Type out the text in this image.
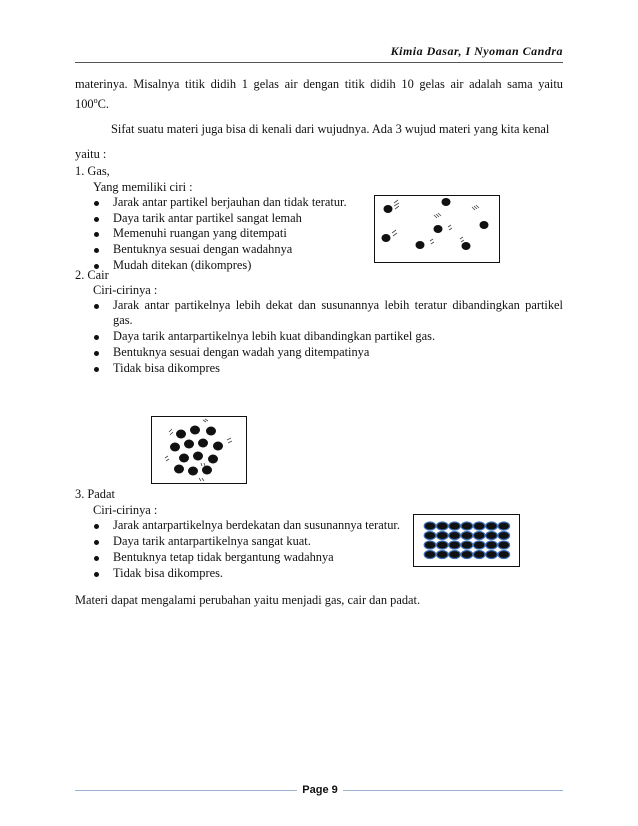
Kimia Dasar, I Nyoman Candra
materinya. Misalnya titik didih 1 gelas air dengan titik didih 10 gelas air adalah sama yaitu
100$^o$C.
Sifat suatu materi juga bisa di kenali dari wujudnya. Ada 3 wujud materi yang kita kenal
yaitu :
1. Gas,
Yang memiliki ciri :
Jarak antar partikel berjauhan dan tidak teratur.
Daya tarik antar partikel sangat lemah
Memenuhi ruangan yang ditempati
Bentuknya sesuai dengan wadahnya
Mudah ditekan (dikompres)
2. Cair
Ciri-cirinya :
Jarak antar partikelnya lebih dekat dan susunannya lebih teratur dibandingkan partikel
gas.
Daya tarik antarpartikelnya lebih kuat dibandingkan partikel gas.
Bentuknya sesuai dengan wadah yang ditempatinya
Tidak bisa dikompres
3. Padat
Ciri-cirinya :
Jarak antarpartikelnya berdekatan dan susunannya teratur.
Daya tarik antarpartikelnya sangat kuat.
Bentuknya tetap tidak bergantung wadahnya
Tidak bisa dikompres.
Materi dapat mengalami perubahan yaitu menjadi gas, cair dan padat.
Page 9
